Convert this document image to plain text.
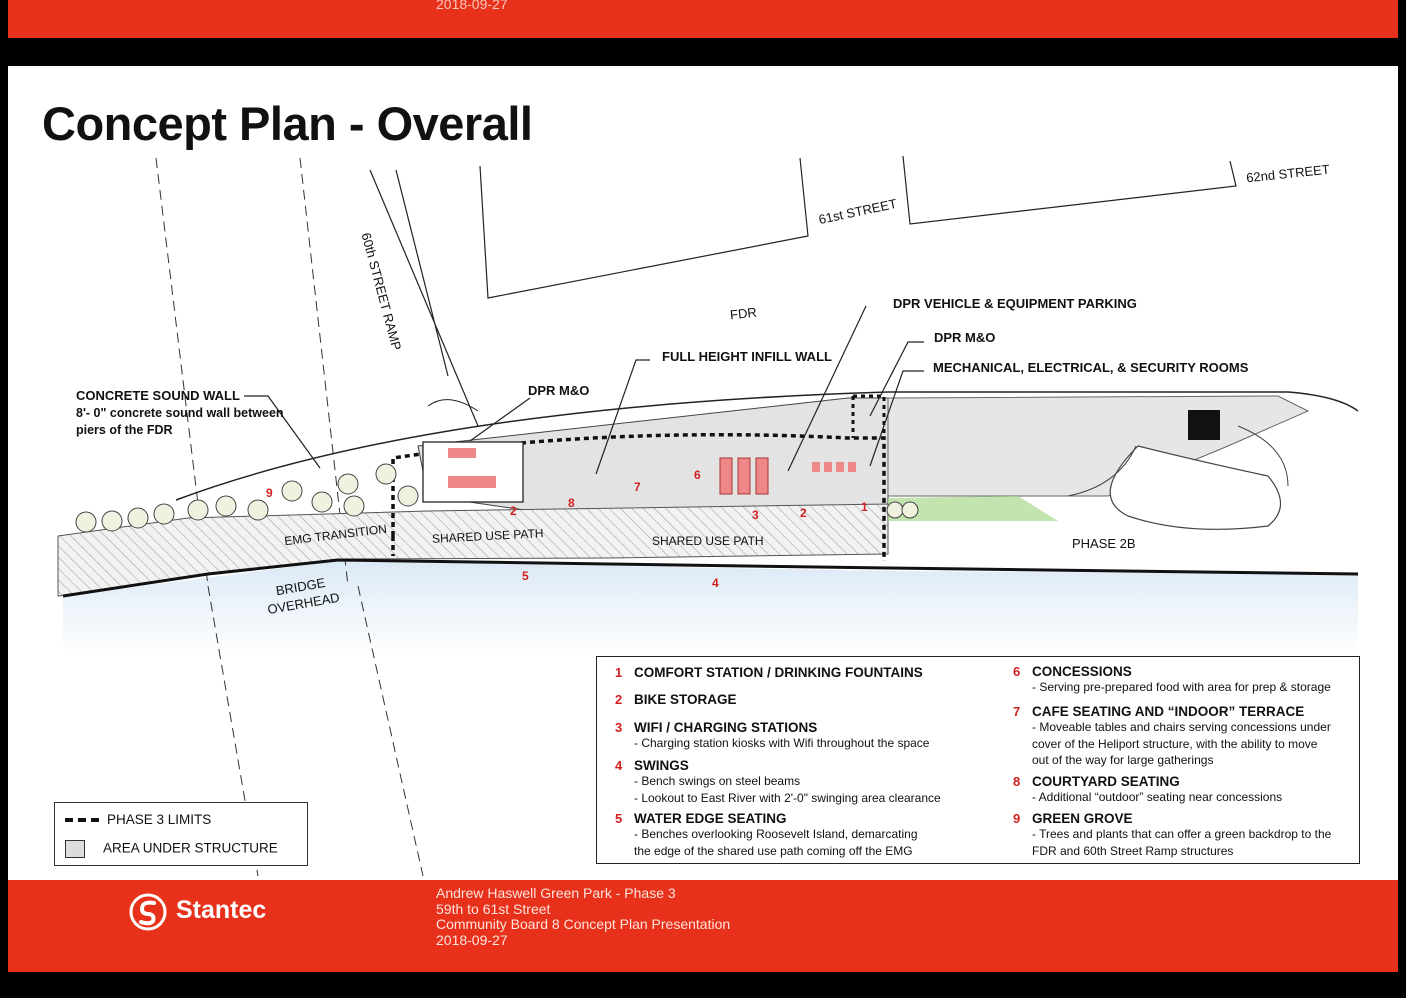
2018-09-27
Concept Plan - Overall
60th STREET RAMP
61st STREET
62nd STREET
FDR
EMG TRANSITION	SHARED USE PATH	SHARED USE PATH	PHASE 2B
BRIDGE OVERHEAD
CONCRETE SOUND WALL
8'- 0" concrete sound wall between
piers of the FDR
DPR M&O
FULL HEIGHT INFILL WALL
DPR VEHICLE & EQUIPMENT PARKING
DPR M&O
MECHANICAL, ELECTRICAL, & SECURITY ROOMS
9
2
8
7
6
3	2	1
5	4
PHASE 3 LIMITS
AREA UNDER STRUCTURE
1 COMFORT STATION / DRINKING FOUNTAINS
2 BIKE STORAGE
3 WIFI / CHARGING STATIONS
- Charging station kiosks with Wifi throughout the space
4 SWINGS
- Bench swings on steel beams
- Lookout to East River with 2'-0" swinging area clearance
5 WATER EDGE SEATING
- Benches overlooking Roosevelt Island, demarcating
the edge of the shared use path coming off the EMG
6 CONCESSIONS
- Serving pre-prepared food with area for prep & storage
7 CAFE SEATING AND “INDOOR” TERRACE
- Moveable tables and chairs serving concessions under
cover of the Heliport structure, with the ability to move
out of the way for large gatherings
8 COURTYARD SEATING
- Additional “outdoor” seating near concessions
9 GREEN GROVE
- Trees and plants that can offer a green backdrop to the
FDR and 60th Street Ramp structures
Stantec
Andrew Haswell Green Park - Phase 3
59th to 61st Street
Community Board 8 Concept Plan Presentation
2018-09-27
